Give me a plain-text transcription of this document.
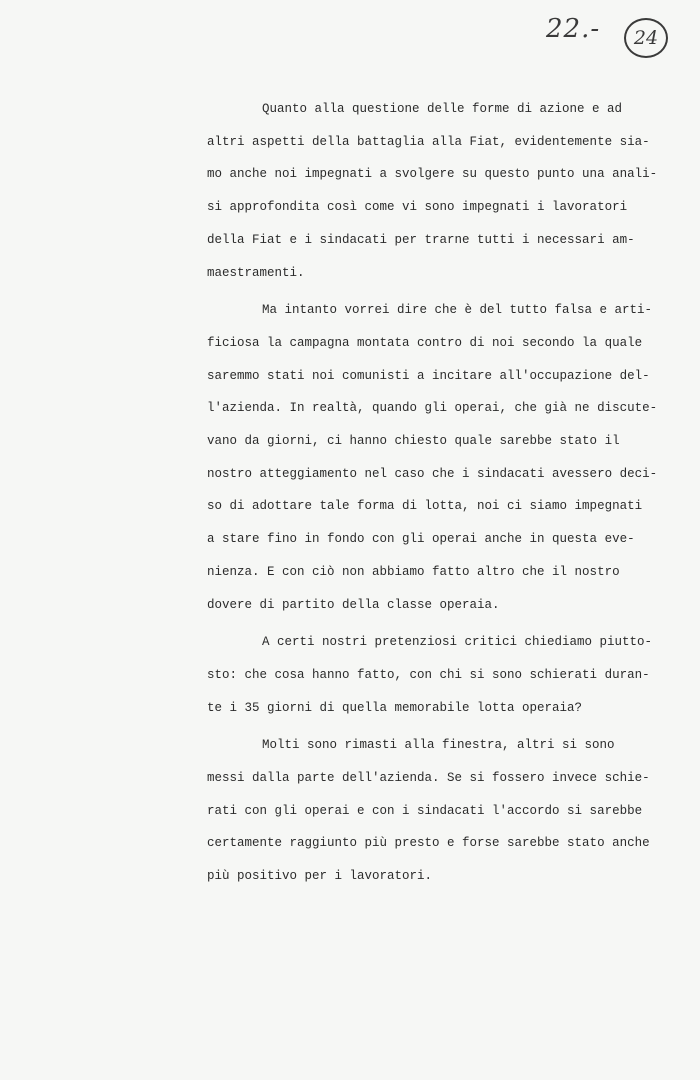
22.-	24
Quanto alla questione delle forme di azione e ad
altri aspetti della battaglia alla Fiat, evidentemente sia-
mo anche noi impegnati a svolgere su questo punto una anali-
si approfondita così come vi sono impegnati i lavoratori
della Fiat e i sindacati per trarne tutti i necessari am-
maestramenti.
Ma intanto vorrei dire che è del tutto falsa e arti-
ficiosa la campagna montata contro di noi secondo la quale
saremmo stati noi comunisti a incitare all'occupazione del-
l'azienda. In realtà, quando gli operai, che già ne discute-
vano da giorni, ci hanno chiesto quale sarebbe stato il
nostro atteggiamento nel caso che i sindacati avessero deci-
so di adottare tale forma di lotta, noi ci siamo impegnati
a stare fino in fondo con gli operai anche in questa eve-
nienza. E con ciò non abbiamo fatto altro che il nostro
dovere di partito della classe operaia.
A certi nostri pretenziosi critici chiediamo piutto-
sto: che cosa hanno fatto, con chi si sono schierati duran-
te i 35 giorni di quella memorabile lotta operaia?
Molti sono rimasti alla finestra, altri si sono
messi dalla parte dell'azienda. Se si fossero invece schie-
rati con gli operai e con i sindacati l'accordo si sarebbe
certamente raggiunto più presto e forse sarebbe stato anche
più positivo per i lavoratori.
